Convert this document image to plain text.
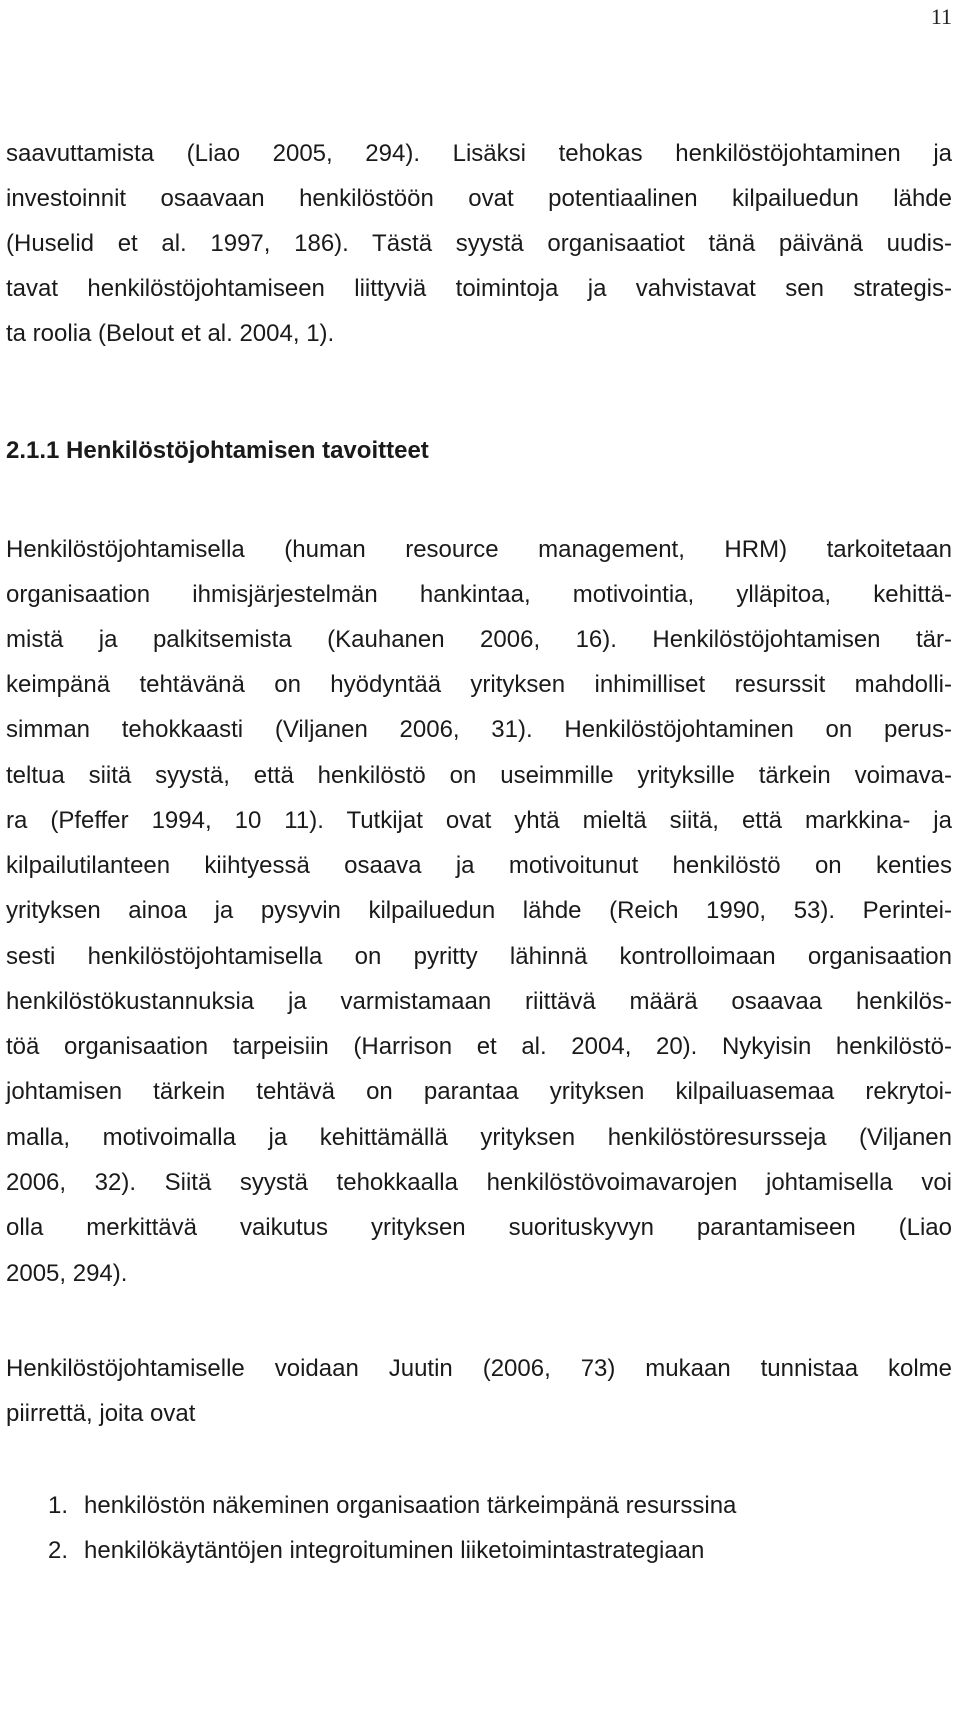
11
saavuttamista (Liao 2005, 294). Lisäksi tehokas henkilöstöjohtaminen ja
investoinnit osaavaan henkilöstöön ovat potentiaalinen kilpailuedun lähde
(Huselid et al. 1997, 186). Tästä syystä organisaatiot tänä päivänä uudis-
tavat henkilöstöjohtamiseen liittyviä toimintoja ja vahvistavat sen strategis-
ta roolia (Belout et al. 2004, 1).
2.1.1 Henkilöstöjohtamisen tavoitteet
Henkilöstöjohtamisella (human resource management, HRM) tarkoitetaan
organisaation ihmisjärjestelmän hankintaa, motivointia, ylläpitoa, kehittä-
mistä ja palkitsemista (Kauhanen 2006, 16). Henkilöstöjohtamisen tär-
keimpänä tehtävänä on hyödyntää yrityksen inhimilliset resurssit mahdolli-
simman tehokkaasti (Viljanen 2006, 31). Henkilöstöjohtaminen on perus-
teltua siitä syystä, että henkilöstö on useimmille yrityksille tärkein voimava-
ra (Pfeffer 1994, 10 11). Tutkijat ovat yhtä mieltä siitä, että markkina- ja
kilpailutilanteen kiihtyessä osaava ja motivoitunut henkilöstö on kenties
yrityksen ainoa ja pysyvin kilpailuedun lähde (Reich 1990, 53). Perintei-
sesti henkilöstöjohtamisella on pyritty lähinnä kontrolloimaan organisaation
henkilöstökustannuksia ja varmistamaan riittävä määrä osaavaa henkilös-
töä organisaation tarpeisiin (Harrison et al. 2004, 20). Nykyisin henkilöstö-
johtamisen tärkein tehtävä on parantaa yrityksen kilpailuasemaa rekrytoi-
malla, motivoimalla ja kehittämällä yrityksen henkilöstöresursseja (Viljanen
2006, 32). Siitä syystä tehokkaalla henkilöstövoimavarojen johtamisella voi
olla merkittävä vaikutus yrityksen suorituskyvyn parantamiseen (Liao
2005, 294).
Henkilöstöjohtamiselle voidaan Juutin (2006, 73) mukaan tunnistaa kolme
piirrettä, joita ovat
1. henkilöstön näkeminen organisaation tärkeimpänä resurssina
2. henkilökäytäntöjen integroituminen liiketoimintastrategiaan
